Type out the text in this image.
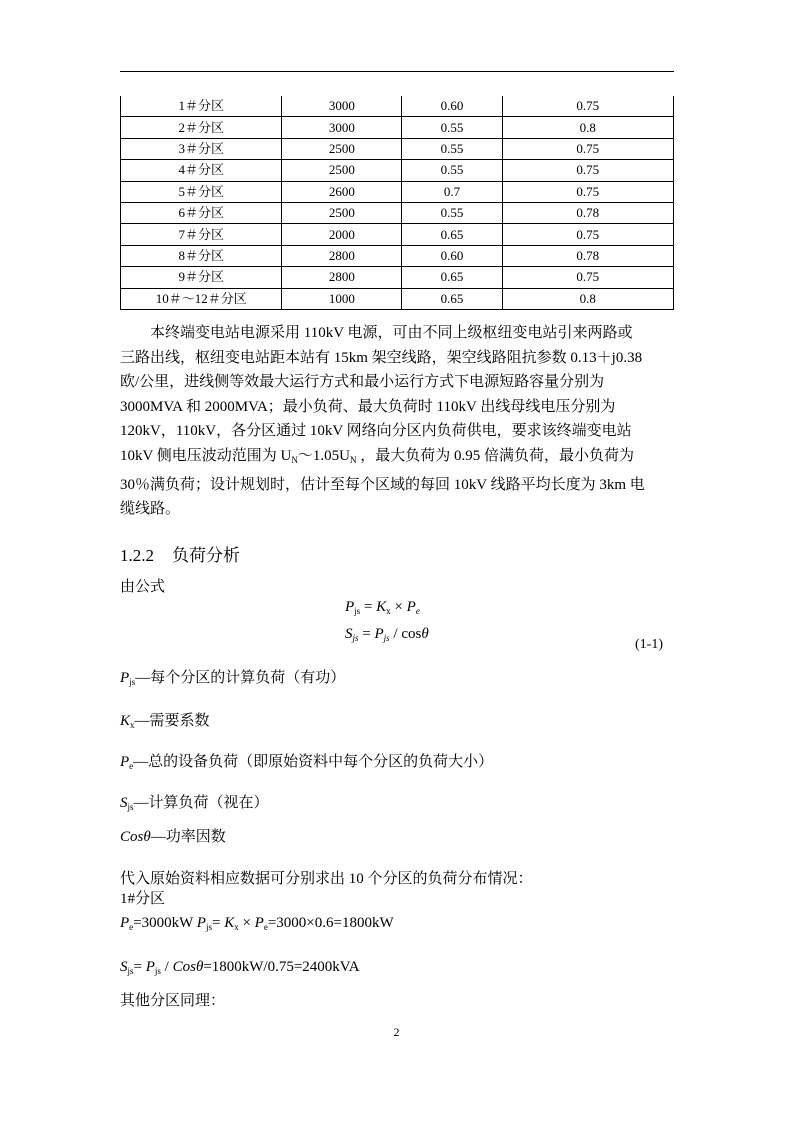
1＃分区	3000	0.60	0.75
2＃分区	3000	0.55	0.8
3＃分区	2500	0.55	0.75
4＃分区	2500	0.55	0.75
5＃分区	2600	0.7	0.75
6＃分区	2500	0.55	0.78
7＃分区	2000	0.65	0.75
8＃分区	2800	0.60	0.78
9＃分区	2800	0.65	0.75
10＃～12＃分区	1000	0.65	0.8
本终端变电站电源采用 110kV 电源，可由不同上级枢纽变电站引来两路或
三路出线，枢纽变电站距本站有 15km 架空线路，架空线路阻抗参数 0.13＋j0.38
欧/公里，进线侧等效最大运行方式和最小运行方式下电源短路容量分别为
3000MVA 和 2000MVA；最小负荷、最大负荷时 110kV 出线母线电压分别为
120kV，110kV，各分区通过 10kV 网络向分区内负荷供电，要求该终端变电站
10kV 侧电压波动范围为 $U_N\sim 1.05U_N$ ，最大负荷为 0.95 倍满负荷，最小负荷为
30％满负荷；设计规划时，估计至每个区域的每回 10kV 线路平均长度为 3km 电
缆线路。

1.2.2 负荷分析

由公式

$P_{js} = K_x \times P_e$
$S_{js} = P_{js} / \cos\theta$
(1-1)

$P_{js}—$每个分区的计算负荷（有功）

$K_x—$需要系数

$P_e—$总的设备负荷（即原始资料中每个分区的负荷大小）

$S_{js}—$计算负荷（视在）

Cosθ—功率因数

代入原始资料相应数据可分别求出 10 个分区的负荷分布情况：

1#分区

$P_e=3000kW$ $P_{js}= K_x \times P_e=3000\times 0.6=1800kW$

$S_{js}= P_{js} / Cos\theta=1800kW/0.75=2400kVA$

其他分区同理：

2
